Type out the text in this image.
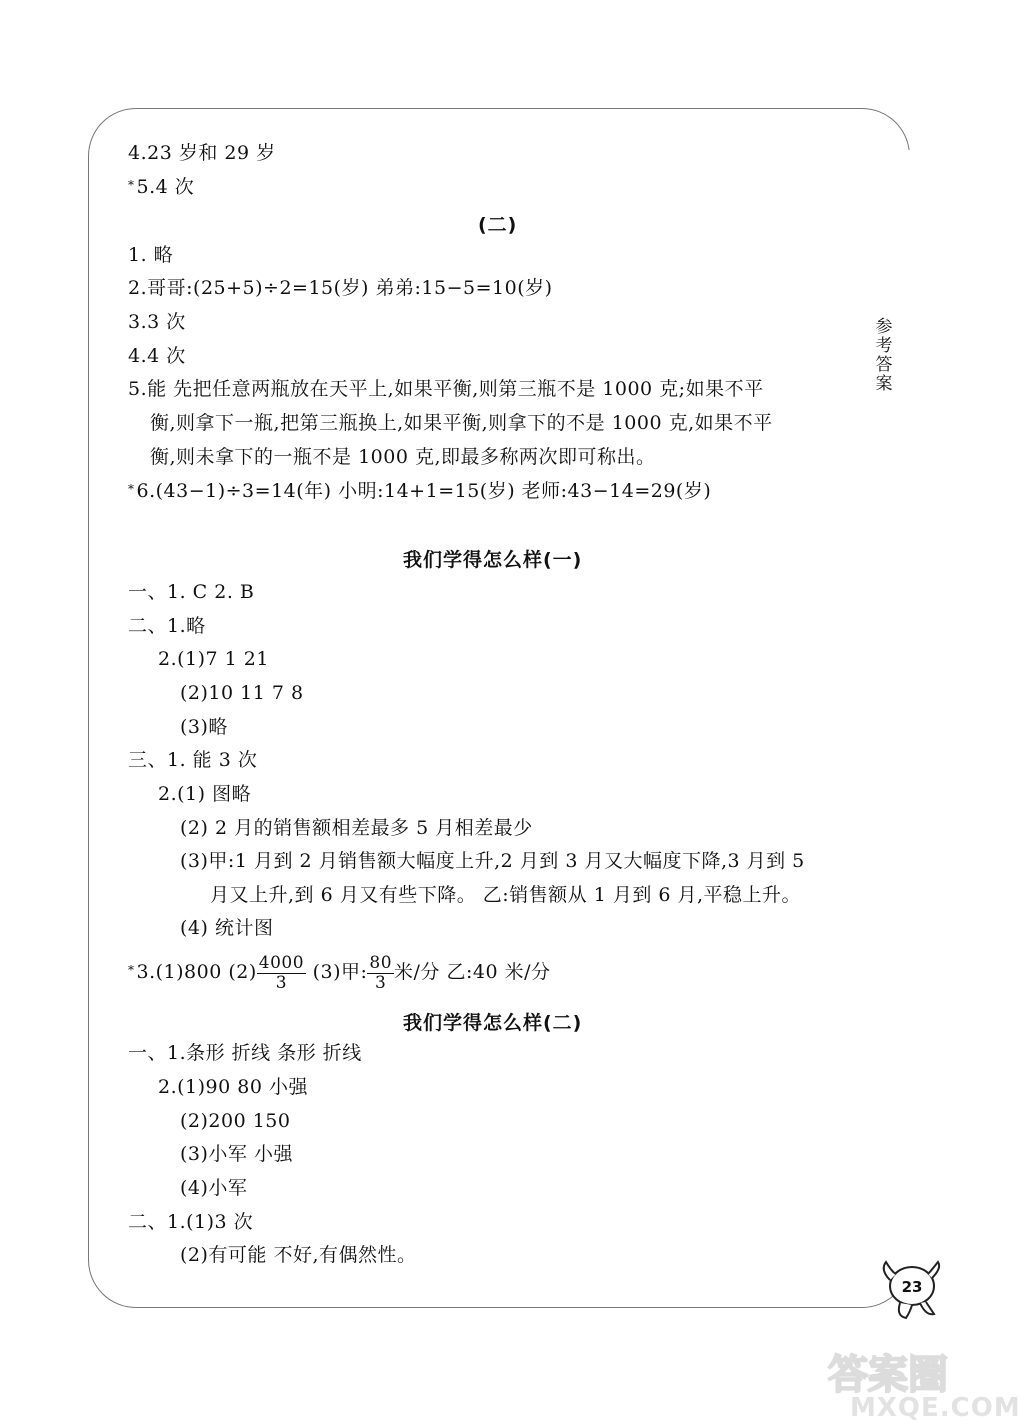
参考答案
4.23 岁和 29 岁
* 5.4 次
(二)
1. 略
2.哥哥:(25+5)÷2=15(岁) 弟弟:15−5=10(岁)
3.3 次
4.4 次
5.能 先把任意两瓶放在天平上,如果平衡,则第三瓶不是 1000 克;如果不平
衡,则拿下一瓶,把第三瓶换上,如果平衡,则拿下的不是 1000 克,如果不平
衡,则未拿下的一瓶不是 1000 克,即最多称两次即可称出。
* 6.(43−1)÷3=14(年) 小明:14+1=15(岁) 老师:43−14=29(岁)
我们学得怎么样(一)
一、1. C 2. B
二、1.略
2.(1)7 1 21
(2)10 11 7 8
(3)略
三、1. 能 3 次
2.(1) 图略
(2) 2 月的销售额相差最多 5 月相差最少
(3)甲:1 月到 2 月销售额大幅度上升,2 月到 3 月又大幅度下降,3 月到 5
月又上升,到 6 月又有些下降。 乙:销售额从 1 月到 6 月,平稳上升。
(4) 统计图
* 3.(1)800 $(2) \frac{4000}{3} (3)$甲: $\frac{80}{3}$ 米/分 乙:40 米/分
我们学得怎么样(二)
一、1.条形 折线 条形 折线
2.(1)90 80 小强
(2)200 150
(3)小军 小强
(4)小军
二、1.(1)3 次
(2)有可能 不好,有偶然性。
23
答案圈
MXQE.COM
